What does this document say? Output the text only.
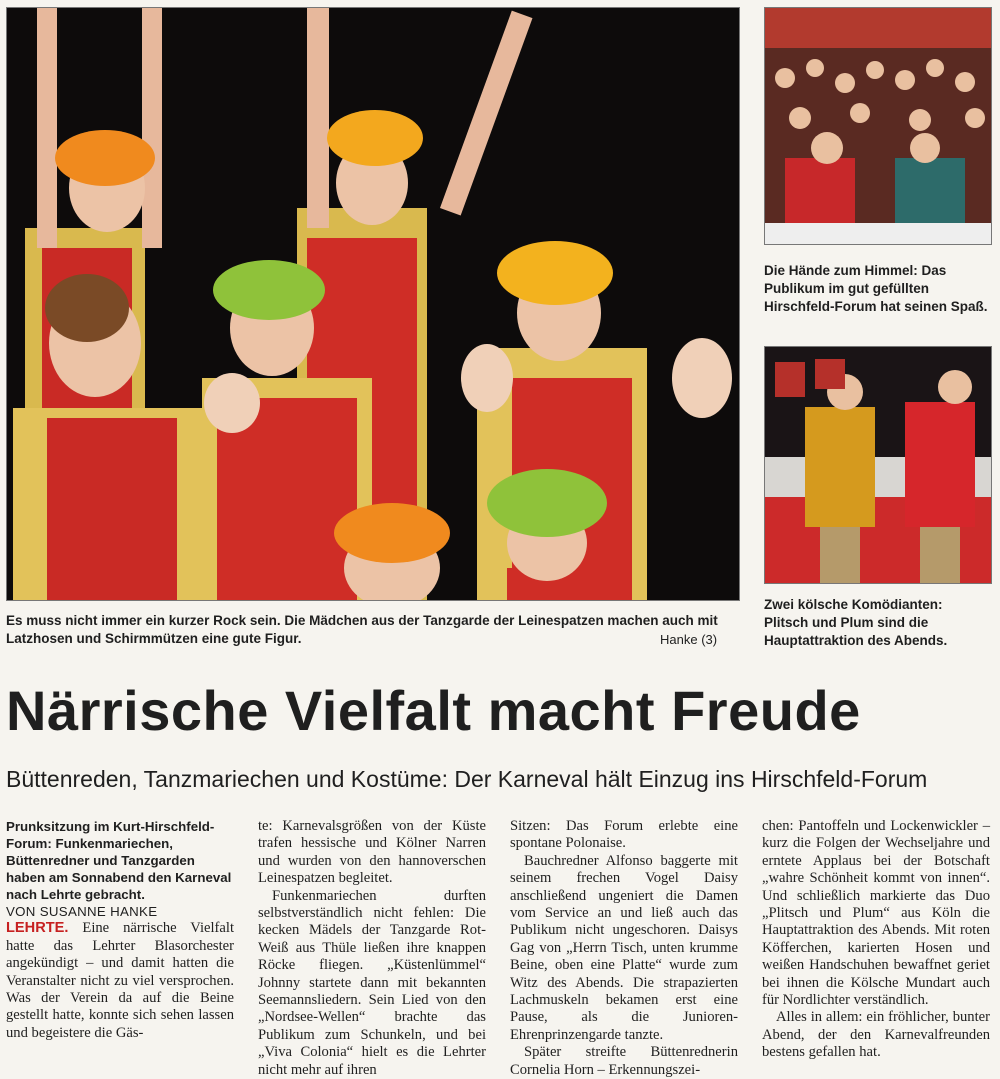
Die Hände zum Himmel: Das Publikum im gut gefüllten Hirschfeld-Forum hat seinen Spaß.
Zwei kölsche Komödianten: Plitsch und Plum sind die Hauptattraktion des Abends.
Es muss nicht immer ein kurzer Rock sein. Die Mädchen aus der Tanzgarde der Leinespatzen machen auch mit Latzhosen und Schirmmützen eine gute Figur.	Hanke (3)
Närrische Vielfalt macht Freude
Büttenreden, Tanzmariechen und Kostüme: Der Karneval hält Einzug ins Hirschfeld-Forum

Prunksitzung im Kurt-Hirschfeld-Forum: Funkenmariechen, Büttenredner und Tanzgarden haben am Sonnabend den Karneval nach Lehrte gebracht.

VON SUSANNE HANKE

LEHRTE. Eine närrische Vielfalt hatte das Lehrter Blasorchester angekündigt – und damit hatten die Veranstalter nicht zu viel versprochen. Was der Verein da auf die Beine gestellt hatte, konnte sich sehen lassen und begeistere die Gäs-

te: Karnevalsgrößen von der Küste trafen hessische und Kölner Narren und wurden von den hannoverschen Leinespatzen begleitet.

Funkenmariechen durften selbstverständlich nicht fehlen: Die kecken Mädels der Tanzgarde Rot-Weiß aus Thüle ließen ihre knappen Röcke fliegen. „Küstenlümmel“ Johnny startete dann mit bekannten Seemannsliedern. Sein Lied von den „Nordsee-Wellen“ brachte das Publikum zum Schunkeln, und bei „Viva Colonia“ hielt es die Lehrter nicht mehr auf ihren

Sitzen: Das Forum erlebte eine spontane Polonaise.

Bauchredner Alfonso baggerte mit seinem frechen Vogel Daisy anschließend ungeniert die Damen vom Service an und ließ auch das Publikum nicht ungeschoren. Daisys Gag von „Herrn Tisch, unten krumme Beine, oben eine Platte“ wurde zum Witz des Abends. Die strapazierten Lachmuskeln bekamen erst eine Pause, als die Junioren-Ehrenprinzengarde tanzte.

Später streifte Büttenrednerin Cornelia Horn – Erkennungszei-

chen: Pantoffeln und Lockenwickler – kurz die Folgen der Wechseljahre und erntete Applaus bei der Botschaft „wahre Schönheit kommt von innen“. Und schließlich markierte das Duo „Plitsch und Plum“ aus Köln die Hauptattraktion des Abends. Mit roten Köfferchen, karierten Hosen und weißen Handschuhen bewaffnet geriet bei ihnen die Kölsche Mundart auch für Nordlichter verständlich.

Alles in allem: ein fröhlicher, bunter Abend, der den Karnevalfreunden bestens gefallen hat.
